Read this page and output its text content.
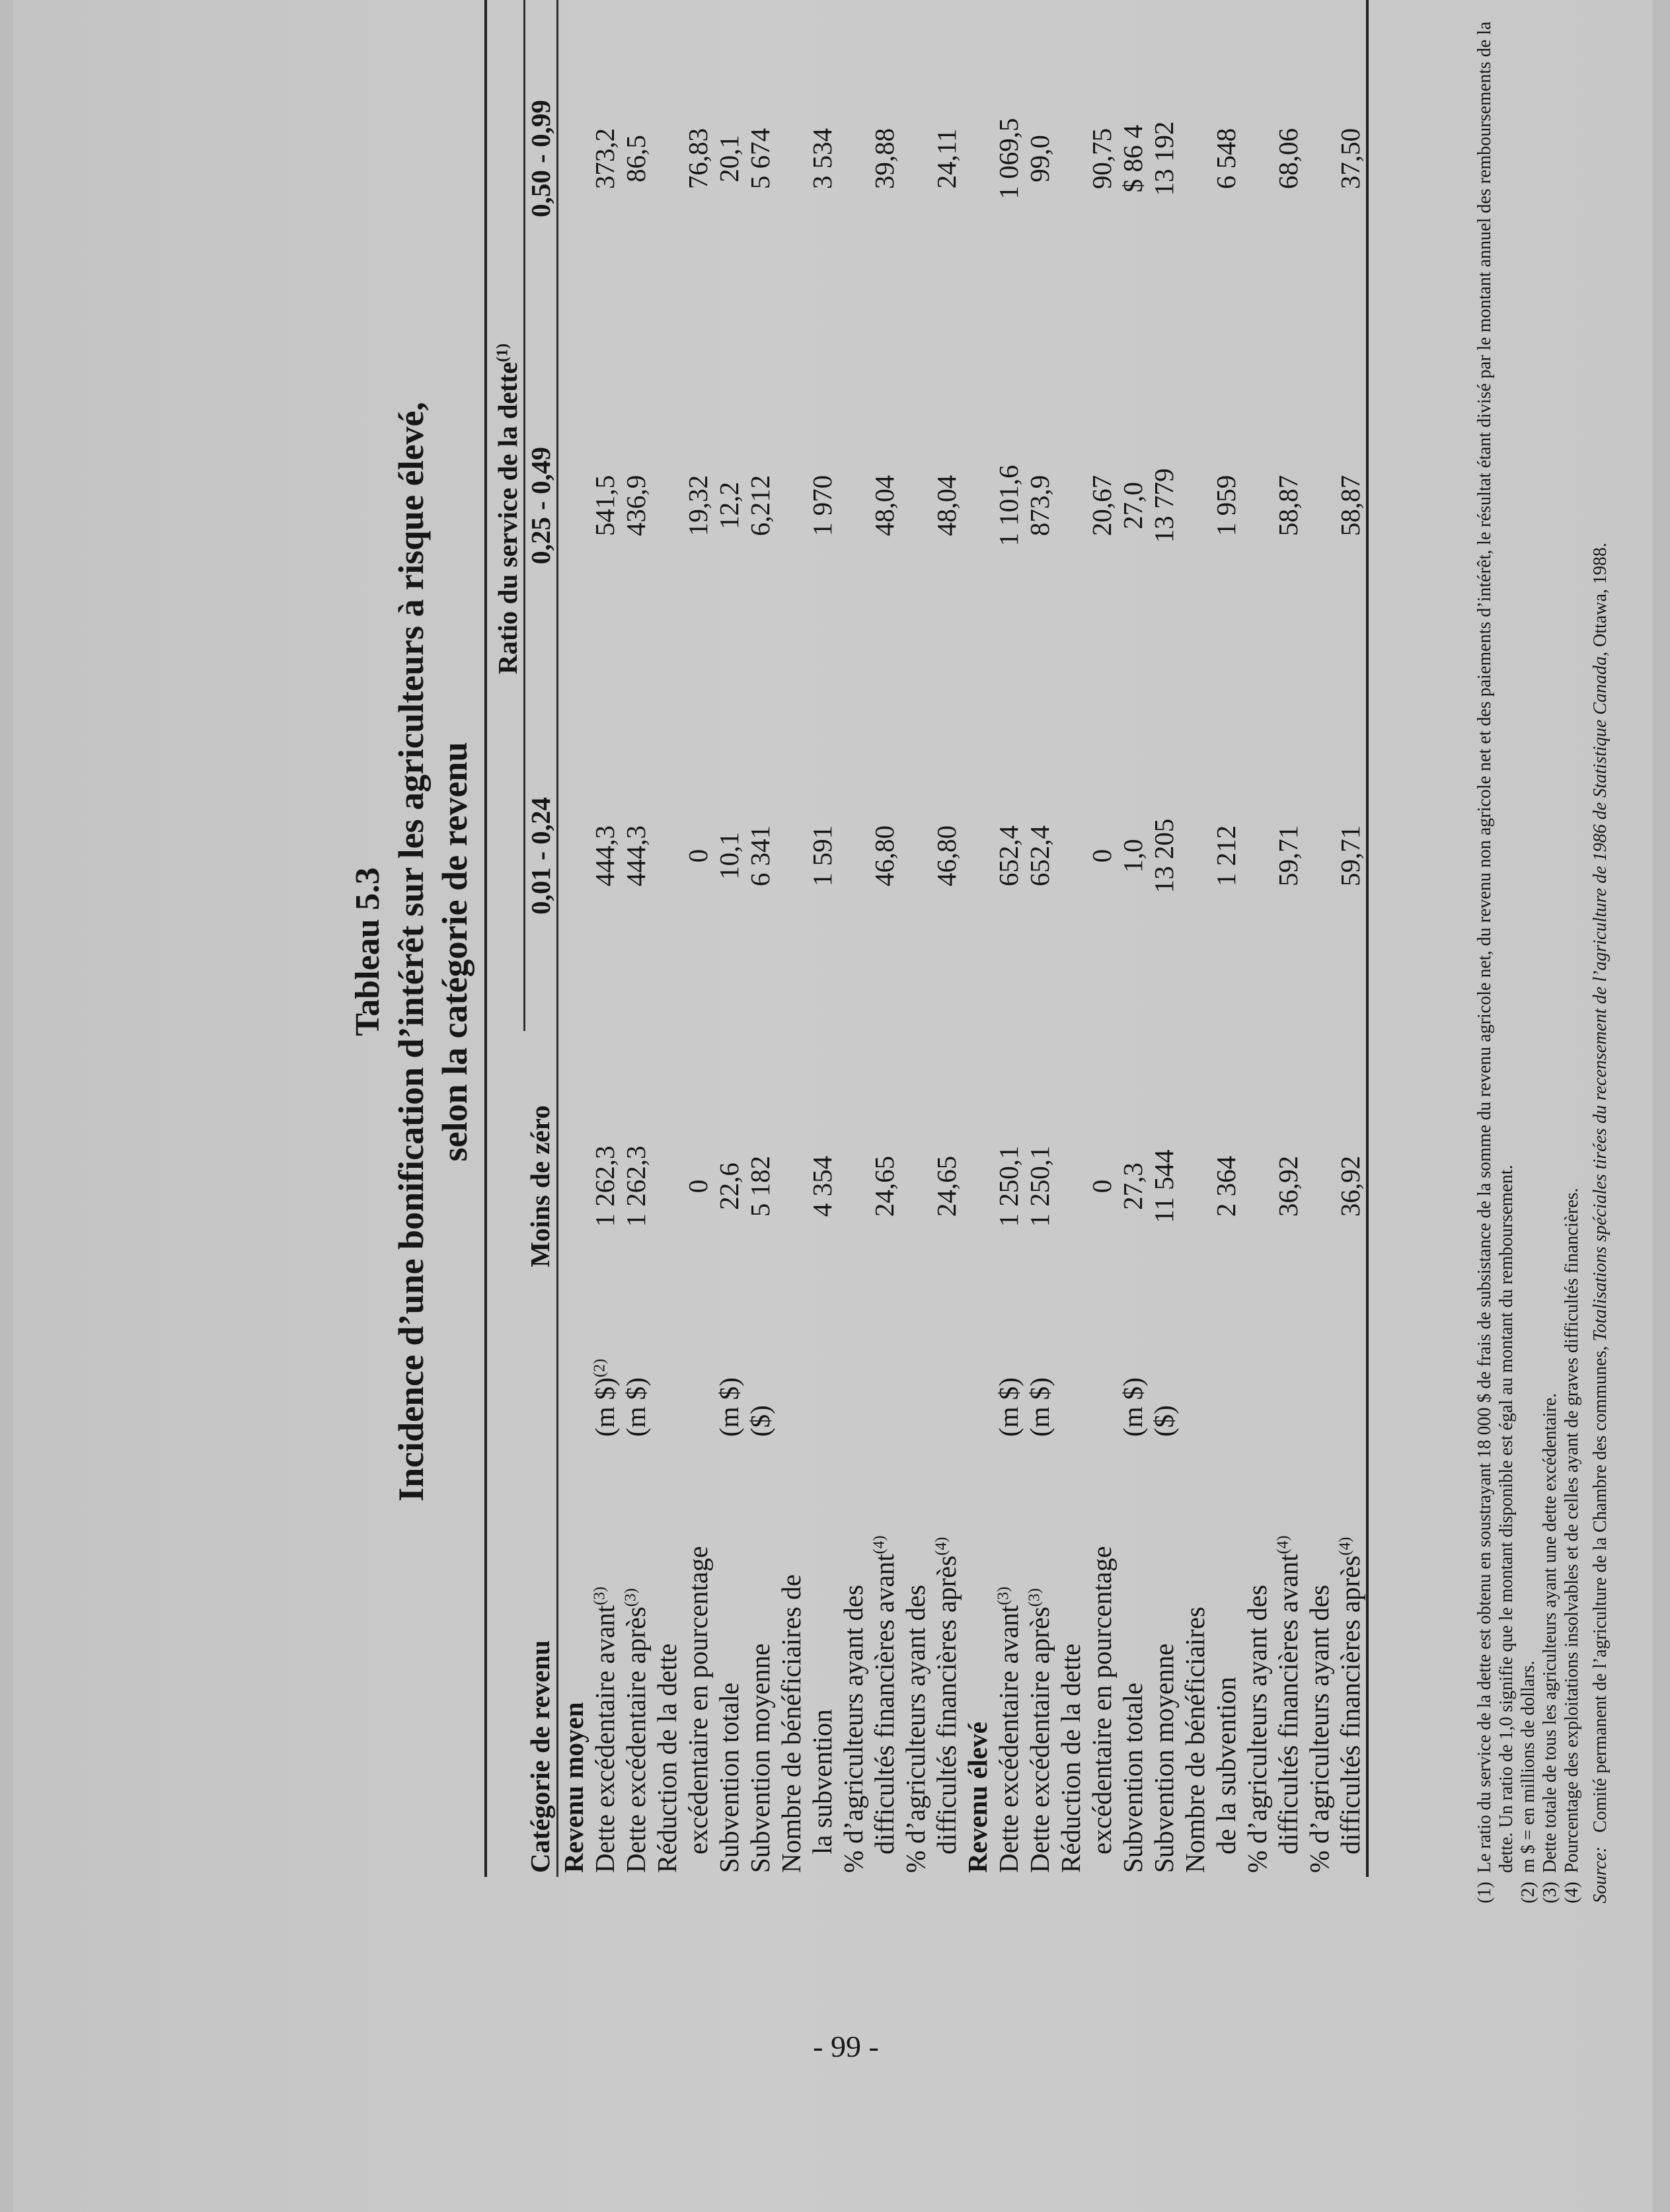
Tableau 5.3 Incidence d’une bonification d’intérêt sur les agriculteurs à risque élevé, selon la catégorie de revenu

			Ratio du service de la dette$^{(1)}$
Catégorie de revenu		Moins de zéro	0,01 - 0,24	0,25 - 0,49	0,50 - 0,99
Revenu moyen					
Dette excédentaire avant$^{(3)}$	(m $)$^{(2)}$	1 262,3	444,3	541,5	373,2
Dette excédentaire après$^{(3)}$	(m $)	1 262,3	444,3	436,9	86,5
Réduction de la dette					
excédentaire en pourcentage		0	0	19,32	76,83
Subvention totale	(m $)	22,6	10,1	12,2	20,1
Subvention moyenne	($)	5 182	6 341	6,212	5 674
Nombre de bénéficiaires de					
la subvention		4 354	1 591	1 970	3 534
% d’agriculteurs ayant des					
difficultés financières avant$^{(4)}$		24,65	46,80	48,04	39,88
% d’agriculteurs ayant des					
difficultés financières après$^{(4)}$		24,65	46,80	48,04	24,11
Revenu élevé					
Dette excédentaire avant$^{(3)}$	(m $)	1 250,1	652,4	1 101,6	1 069,5
Dette excédentaire après$^{(3)}$	(m $)	1 250,1	652,4	873,9	99,0
Réduction de la dette					
excédentaire en pourcentage		0	0	20,67	90,75
Subvention totale	(m $)	27,3	1,0	27,0	$ 86 4
Subvention moyenne	($)	11 544	13 205	13 779	13 192
Nombre de bénéficiaires					
de la subvention		2 364	1 212	1 959	6 548
% d’agriculteurs ayant des					
difficultés financières avant$^{(4)}$		36,92	59,71	58,87	68,06
% d’agriculteurs ayant des					
difficultés financières après$^{(4)}$		36,92	59,71	58,87	37,50
(1)
Le ratio du service de la dette est obtenu en soustrayant 18 000 $ de frais de subsistance de la somme du revenu agricole net, du revenu non agricole net et des paiements d’intérêt, le résultat étant divisé par le montant annuel des remboursements de la dette. Un ratio de 1,0 signifie que le montant disponible est égal au montant du remboursement.
(2)
m $ = en millions de dollars.
(3)
Dette totale de tous les agriculteurs ayant une dette excédentaire.
(4)
Pourcentage des exploitations insolvables et de celles ayant de graves difficultés financières.
Source:   Comité permanent de l’agriculture de la Chambre des communes, Totalisations spéciales tirées du recensement de l’agriculture de 1986 de Statistique Canada, Ottawa, 1988.
- 99 -
